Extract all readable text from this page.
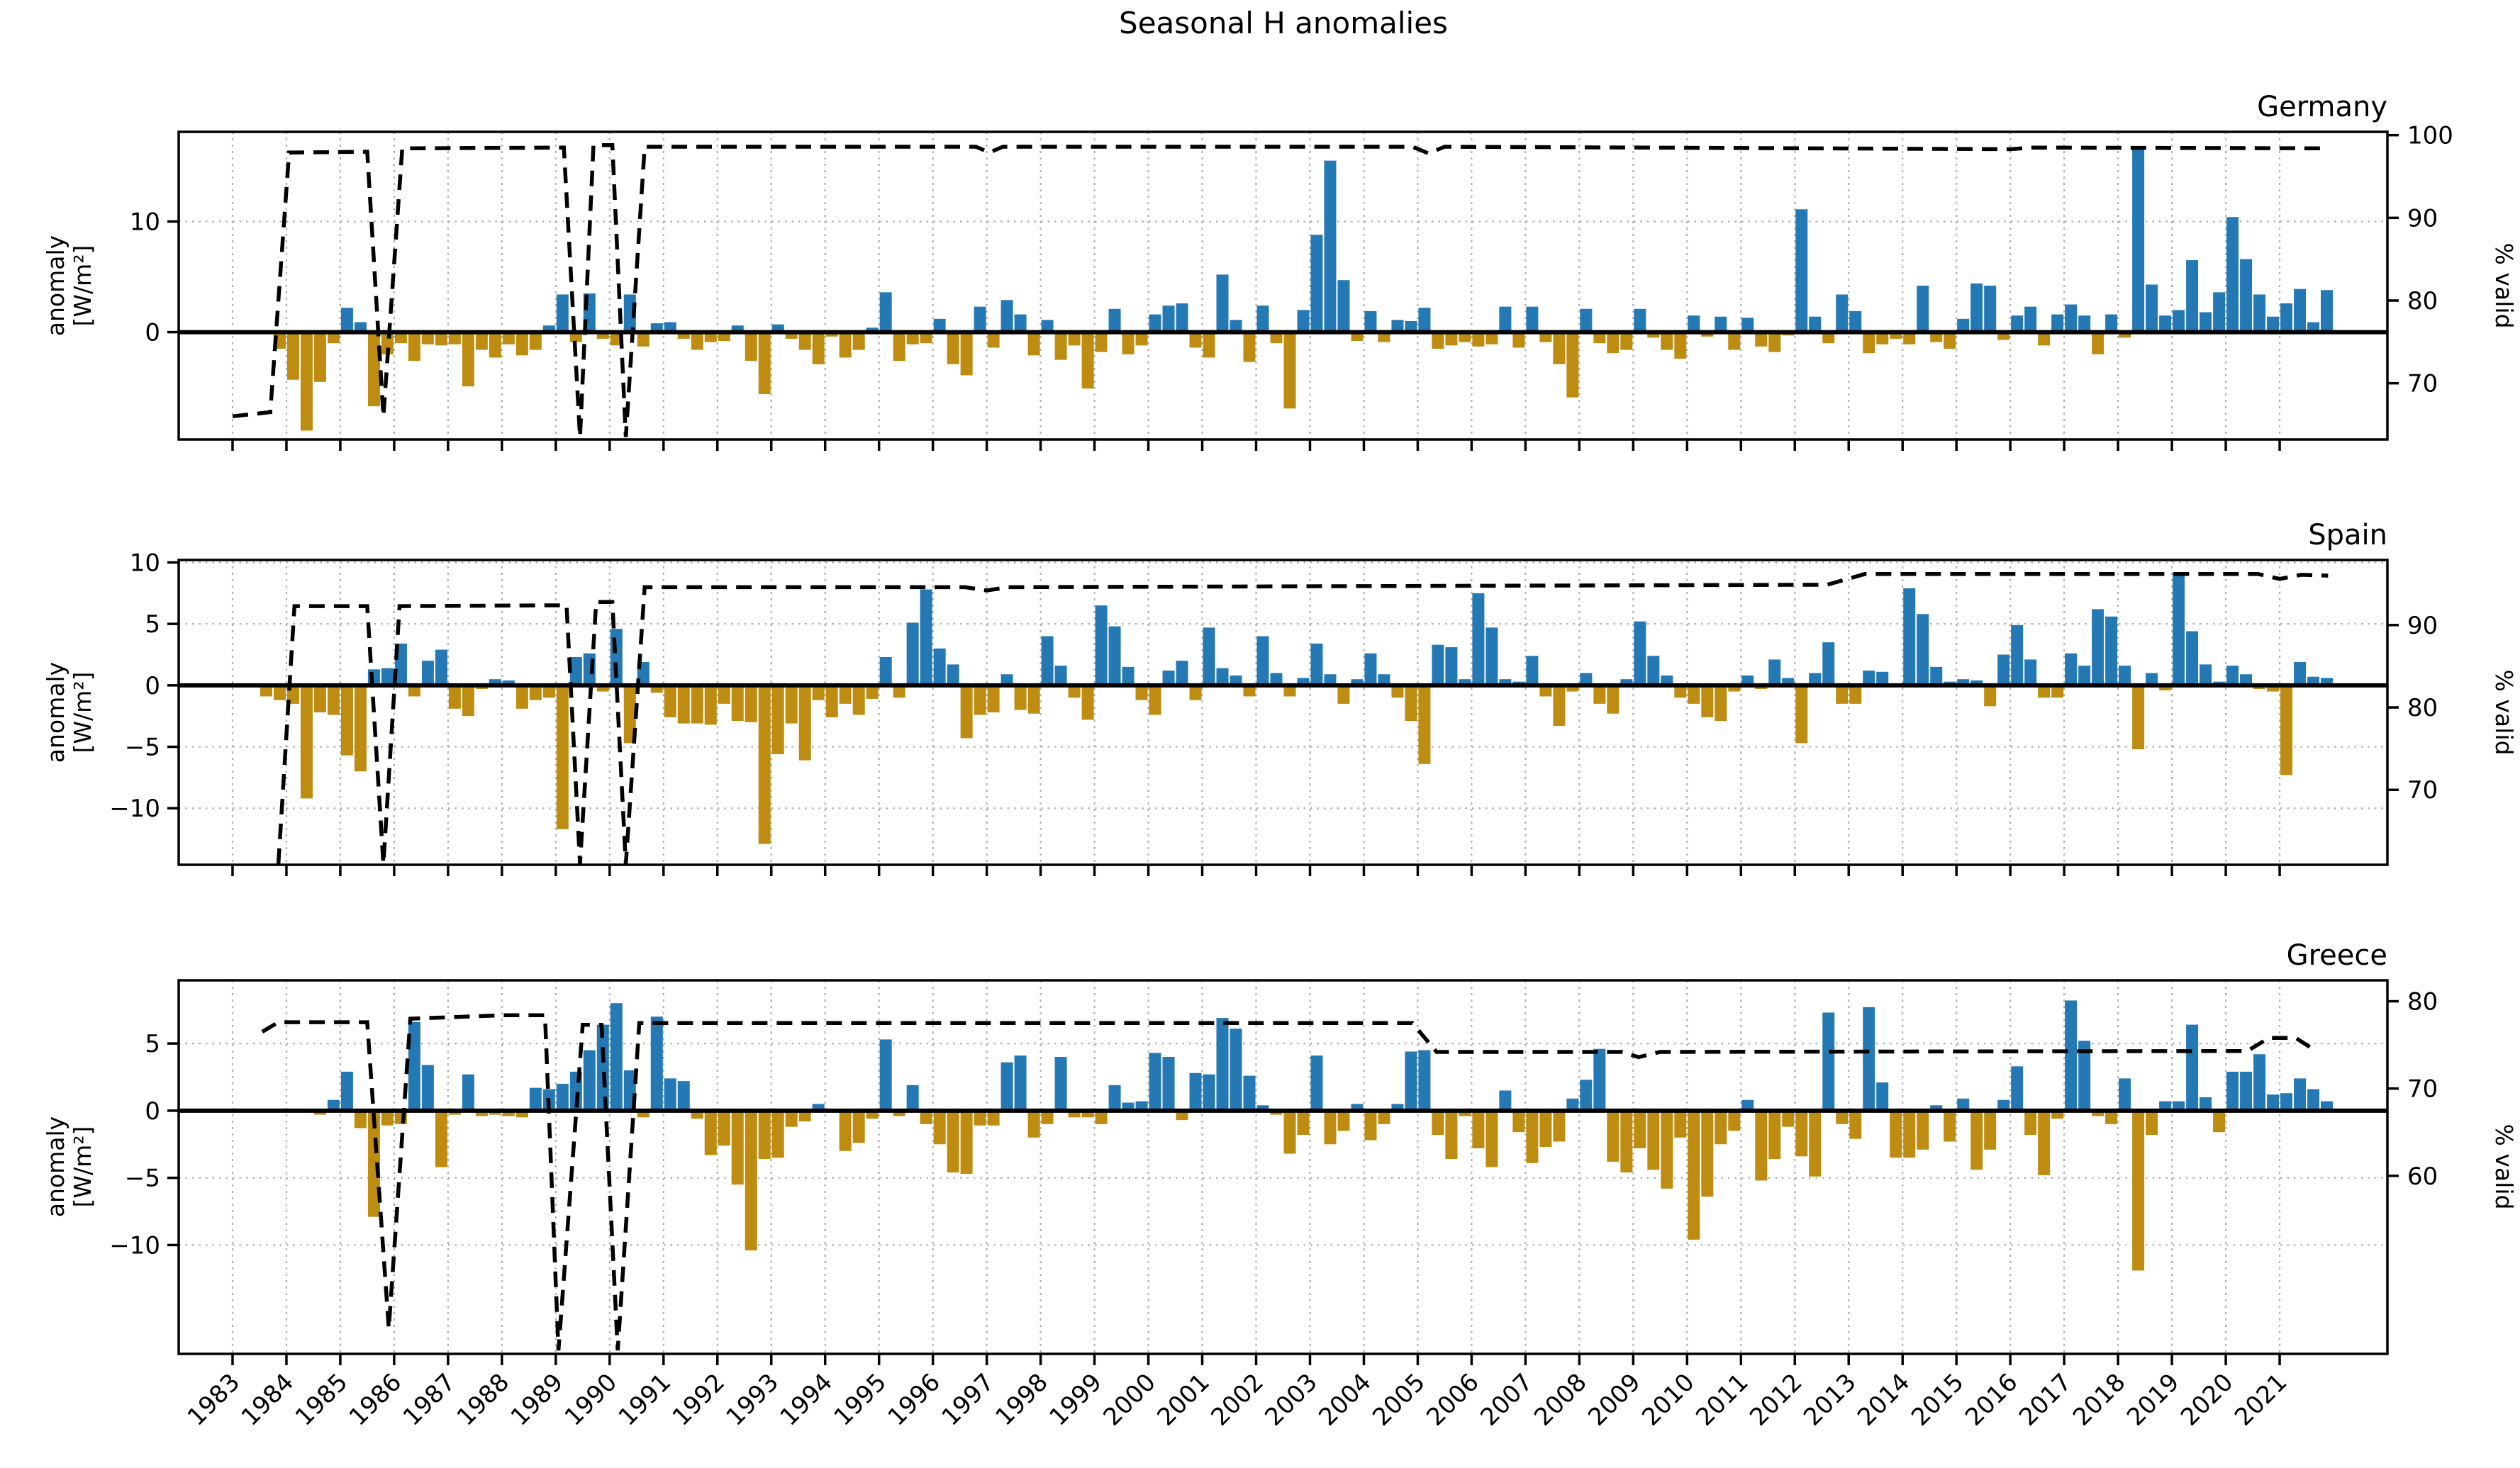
0
10
70
80
90
100
−10
−5
0
5
10
70
80
90
−10
−5
0
5
60
70
80
1983
1984
1985
1986
1987
1988
1989
1990
1991
1992
1993
1994
1995
1996
1997
1998
1999
2000
2001
2002
2003
2004
2005
2006
2007
2008
2009
2010
2011
2012
2013
2014
2015
2016
2017
2018
2019
2020
2021
Seasonal H anomalies
Germany
Spain
Greece
anomaly
[W/m²]
anomaly
[W/m²]
anomaly
[W/m²]
% valid
% valid
% valid
